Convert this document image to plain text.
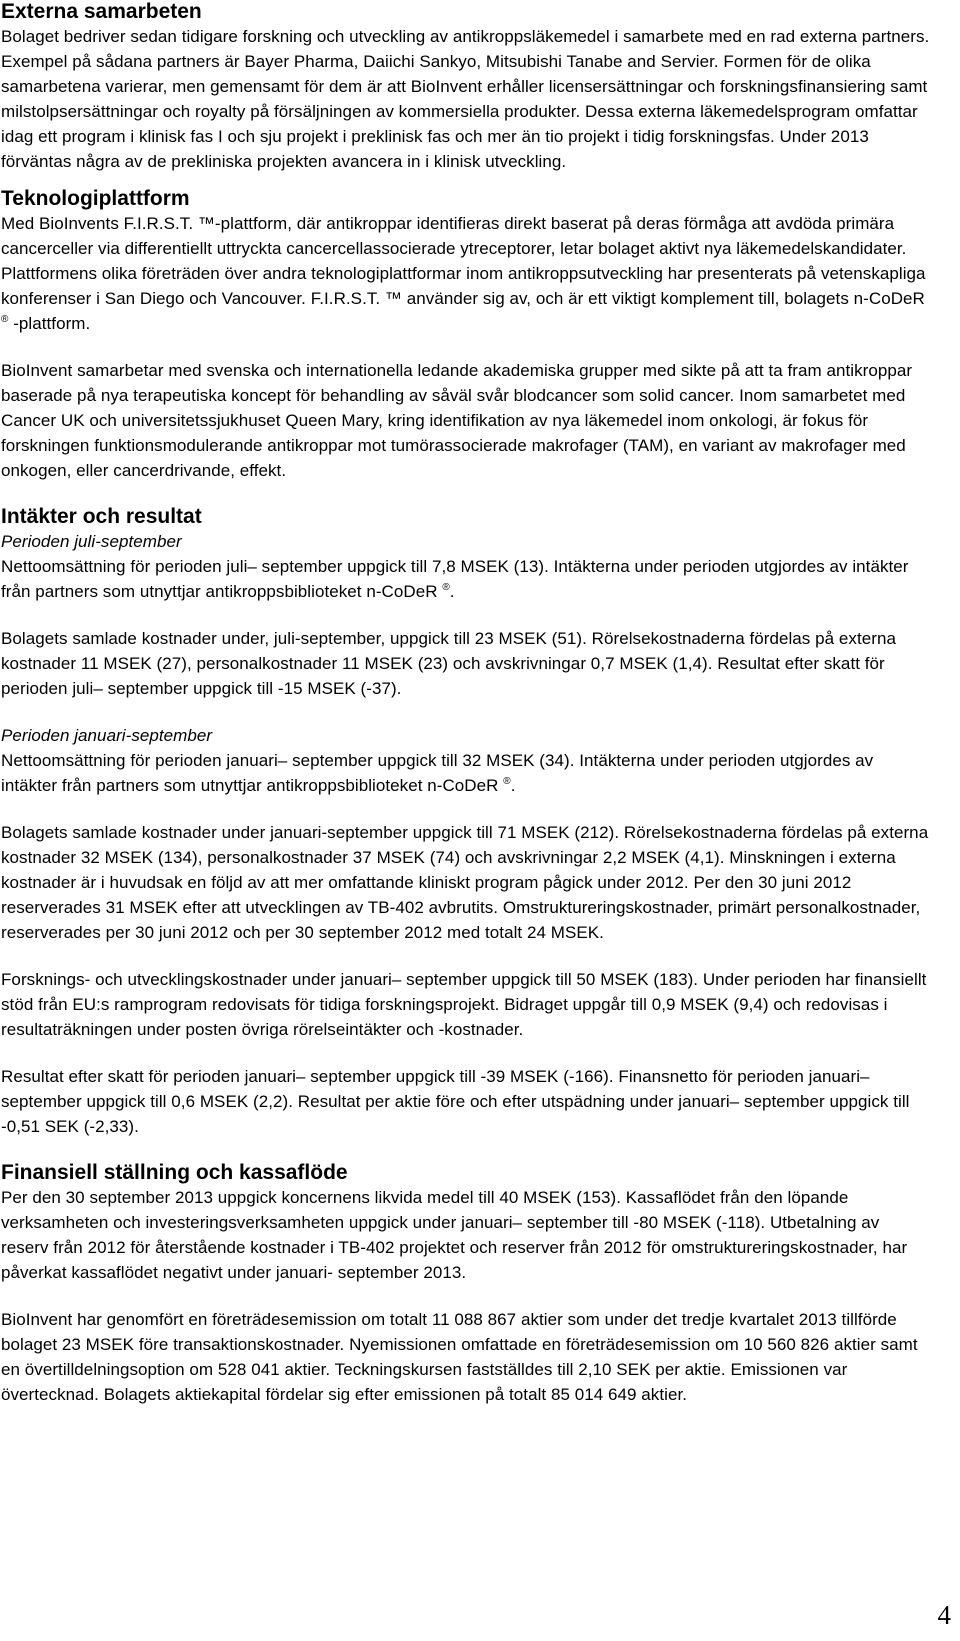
Externa samarbeten

Bolaget bedriver sedan tidigare forskning och utveckling av antikroppsläkemedel i samarbete med en rad externa partners. Exempel på sådana partners är Bayer Pharma, Daiichi Sankyo, Mitsubishi Tanabe and Servier. Formen för de olika samarbetena varierar, men gemensamt för dem är att BioInvent erhåller licensersättningar och forskningsfinansiering samt milstolpsersättningar och royalty på försäljningen av kommersiella produkter. Dessa externa läkemedelsprogram omfattar idag ett program i klinisk fas I och sju projekt i preklinisk fas och mer än tio projekt i tidig forskningsfas. Under 2013 förväntas några av de prekliniska projekten avancera in i klinisk utveckling.

Teknologiplattform

Med BioInvents F.I.R.S.T. ™-plattform, där antikroppar identifieras direkt baserat på deras förmåga att avdöda primära cancerceller via differentiellt uttryckta cancercellassocierade ytreceptorer, letar bolaget aktivt nya läkemedelskandidater. Plattformens olika företräden över andra teknologiplattformar inom antikroppsutveckling har presenterats på vetenskapliga konferenser i San Diego och Vancouver. F.I.R.S.T. ™ använder sig av, och är ett viktigt komplement till, bolagets n-CoDeR ® -plattform.

BioInvent samarbetar med svenska och internationella ledande akademiska grupper med sikte på att ta fram antikroppar baserade på nya terapeutiska koncept för behandling av såväl svår blodcancer som solid cancer. Inom samarbetet med Cancer UK och universitetssjukhuset Queen Mary, kring identifikation av nya läkemedel inom onkologi, är fokus för forskningen funktionsmodulerande antikroppar mot tumörassocierade makrofager (TAM), en variant av makrofager med onkogen, eller cancerdrivande, effekt.

Intäkter och resultat

Perioden juli-september

Nettoomsättning för perioden juli– september uppgick till 7,8 MSEK (13). Intäkterna under perioden utgjordes av intäkter från partners som utnyttjar antikroppsbiblioteket n-CoDeR ®.

Bolagets samlade kostnader under, juli-september, uppgick till 23 MSEK (51). Rörelsekostnaderna fördelas på externa kostnader 11 MSEK (27), personalkostnader 11 MSEK (23) och avskrivningar 0,7 MSEK (1,4). Resultat efter skatt för perioden juli– september uppgick till -15 MSEK (-37).

Perioden januari-september

Nettoomsättning för perioden januari– september uppgick till 32 MSEK (34). Intäkterna under perioden utgjordes av intäkter från partners som utnyttjar antikroppsbiblioteket n-CoDeR ®.

Bolagets samlade kostnader under januari-september uppgick till 71 MSEK (212). Rörelsekostnaderna fördelas på externa kostnader 32 MSEK (134), personalkostnader 37 MSEK (74) och avskrivningar 2,2 MSEK (4,1). Minskningen i externa kostnader är i huvudsak en följd av att mer omfattande kliniskt program pågick under 2012. Per den 30 juni 2012 reserverades 31 MSEK efter att utvecklingen av TB-402 avbrutits. Omstruktureringskostnader, primärt personalkostnader, reserverades per 30 juni 2012 och per 30 september 2012 med totalt 24 MSEK.

Forsknings- och utvecklingskostnader under januari– september uppgick till 50 MSEK (183). Under perioden har finansiellt stöd från EU:s ramprogram redovisats för tidiga forskningsprojekt. Bidraget uppgår till 0,9 MSEK (9,4) och redovisas i resultaträkningen under posten övriga rörelseintäkter och -kostnader.

Resultat efter skatt för perioden januari– september uppgick till -39 MSEK (-166). Finansnetto för perioden januari– september uppgick till 0,6 MSEK (2,2). Resultat per aktie före och efter utspädning under januari– september uppgick till -0,51 SEK (-2,33).

Finansiell ställning och kassaflöde

Per den 30 september 2013 uppgick koncernens likvida medel till 40 MSEK (153). Kassaflödet från den löpande verksamheten och investeringsverksamheten uppgick under januari– september till -80 MSEK (-118). Utbetalning av reserv från 2012 för återstående kostnader i TB-402 projektet och reserver från 2012 för omstruktureringskostnader, har påverkat kassaflödet negativt under januari- september 2013.

BioInvent har genomfört en företrädesemission om totalt 11 088 867 aktier som under det tredje kvartalet 2013 tillförde bolaget 23 MSEK före transaktionskostnader. Nyemissionen omfattade en företrädesemission om 10 560 826 aktier samt en övertilldelningsoption om 528 041 aktier. Teckningskursen fastställdes till 2,10 SEK per aktie. Emissionen var övertecknad. Bolagets aktiekapital fördelar sig efter emissionen på totalt 85 014 649 aktier.

4
